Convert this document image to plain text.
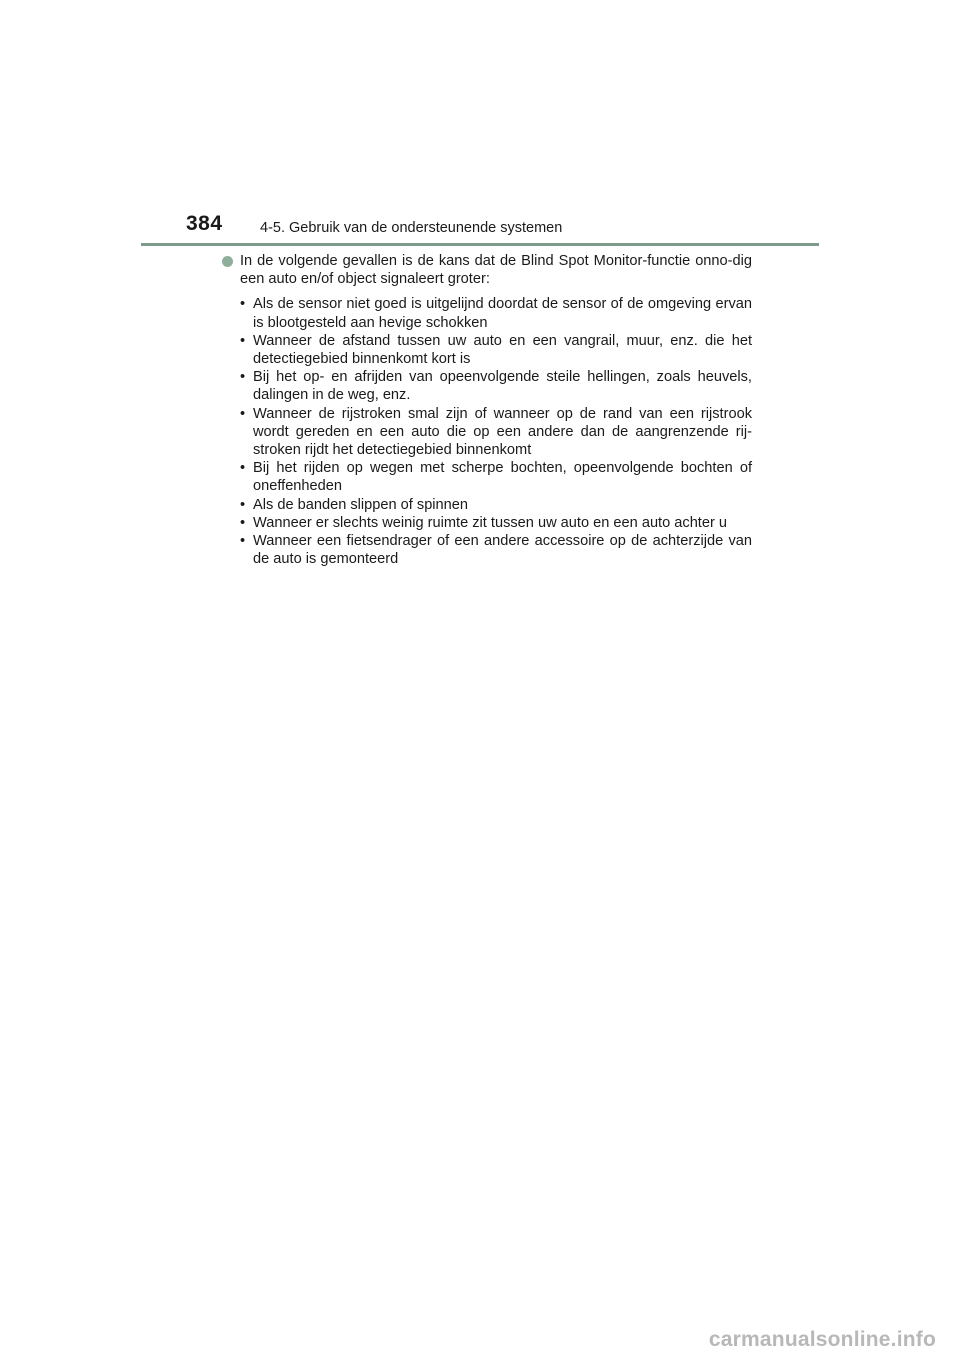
384	4-5. Gebruik van de ondersteunende systemen
In de volgende gevallen is de kans dat de Blind Spot Monitor-functie onno-dig een auto en/of object signaleert groter:
• Als de sensor niet goed is uitgelijnd doordat de sensor of de omgeving ervan is blootgesteld aan hevige schokken
• Wanneer de afstand tussen uw auto en een vangrail, muur, enz. die het detectiegebied binnenkomt kort is
• Bij het op- en afrijden van opeenvolgende steile hellingen, zoals heuvels, dalingen in de weg, enz.
• Wanneer de rijstroken smal zijn of wanneer op de rand van een rijstrook wordt gereden en een auto die op een andere dan de aangrenzende rij-stroken rijdt het detectiegebied binnenkomt
• Bij het rijden op wegen met scherpe bochten, opeenvolgende bochten of oneffenheden
• Als de banden slippen of spinnen
• Wanneer er slechts weinig ruimte zit tussen uw auto en een auto achter u
• Wanneer een fietsendrager of een andere accessoire op de achterzijde van de auto is gemonteerd
carmanualsonline.info
